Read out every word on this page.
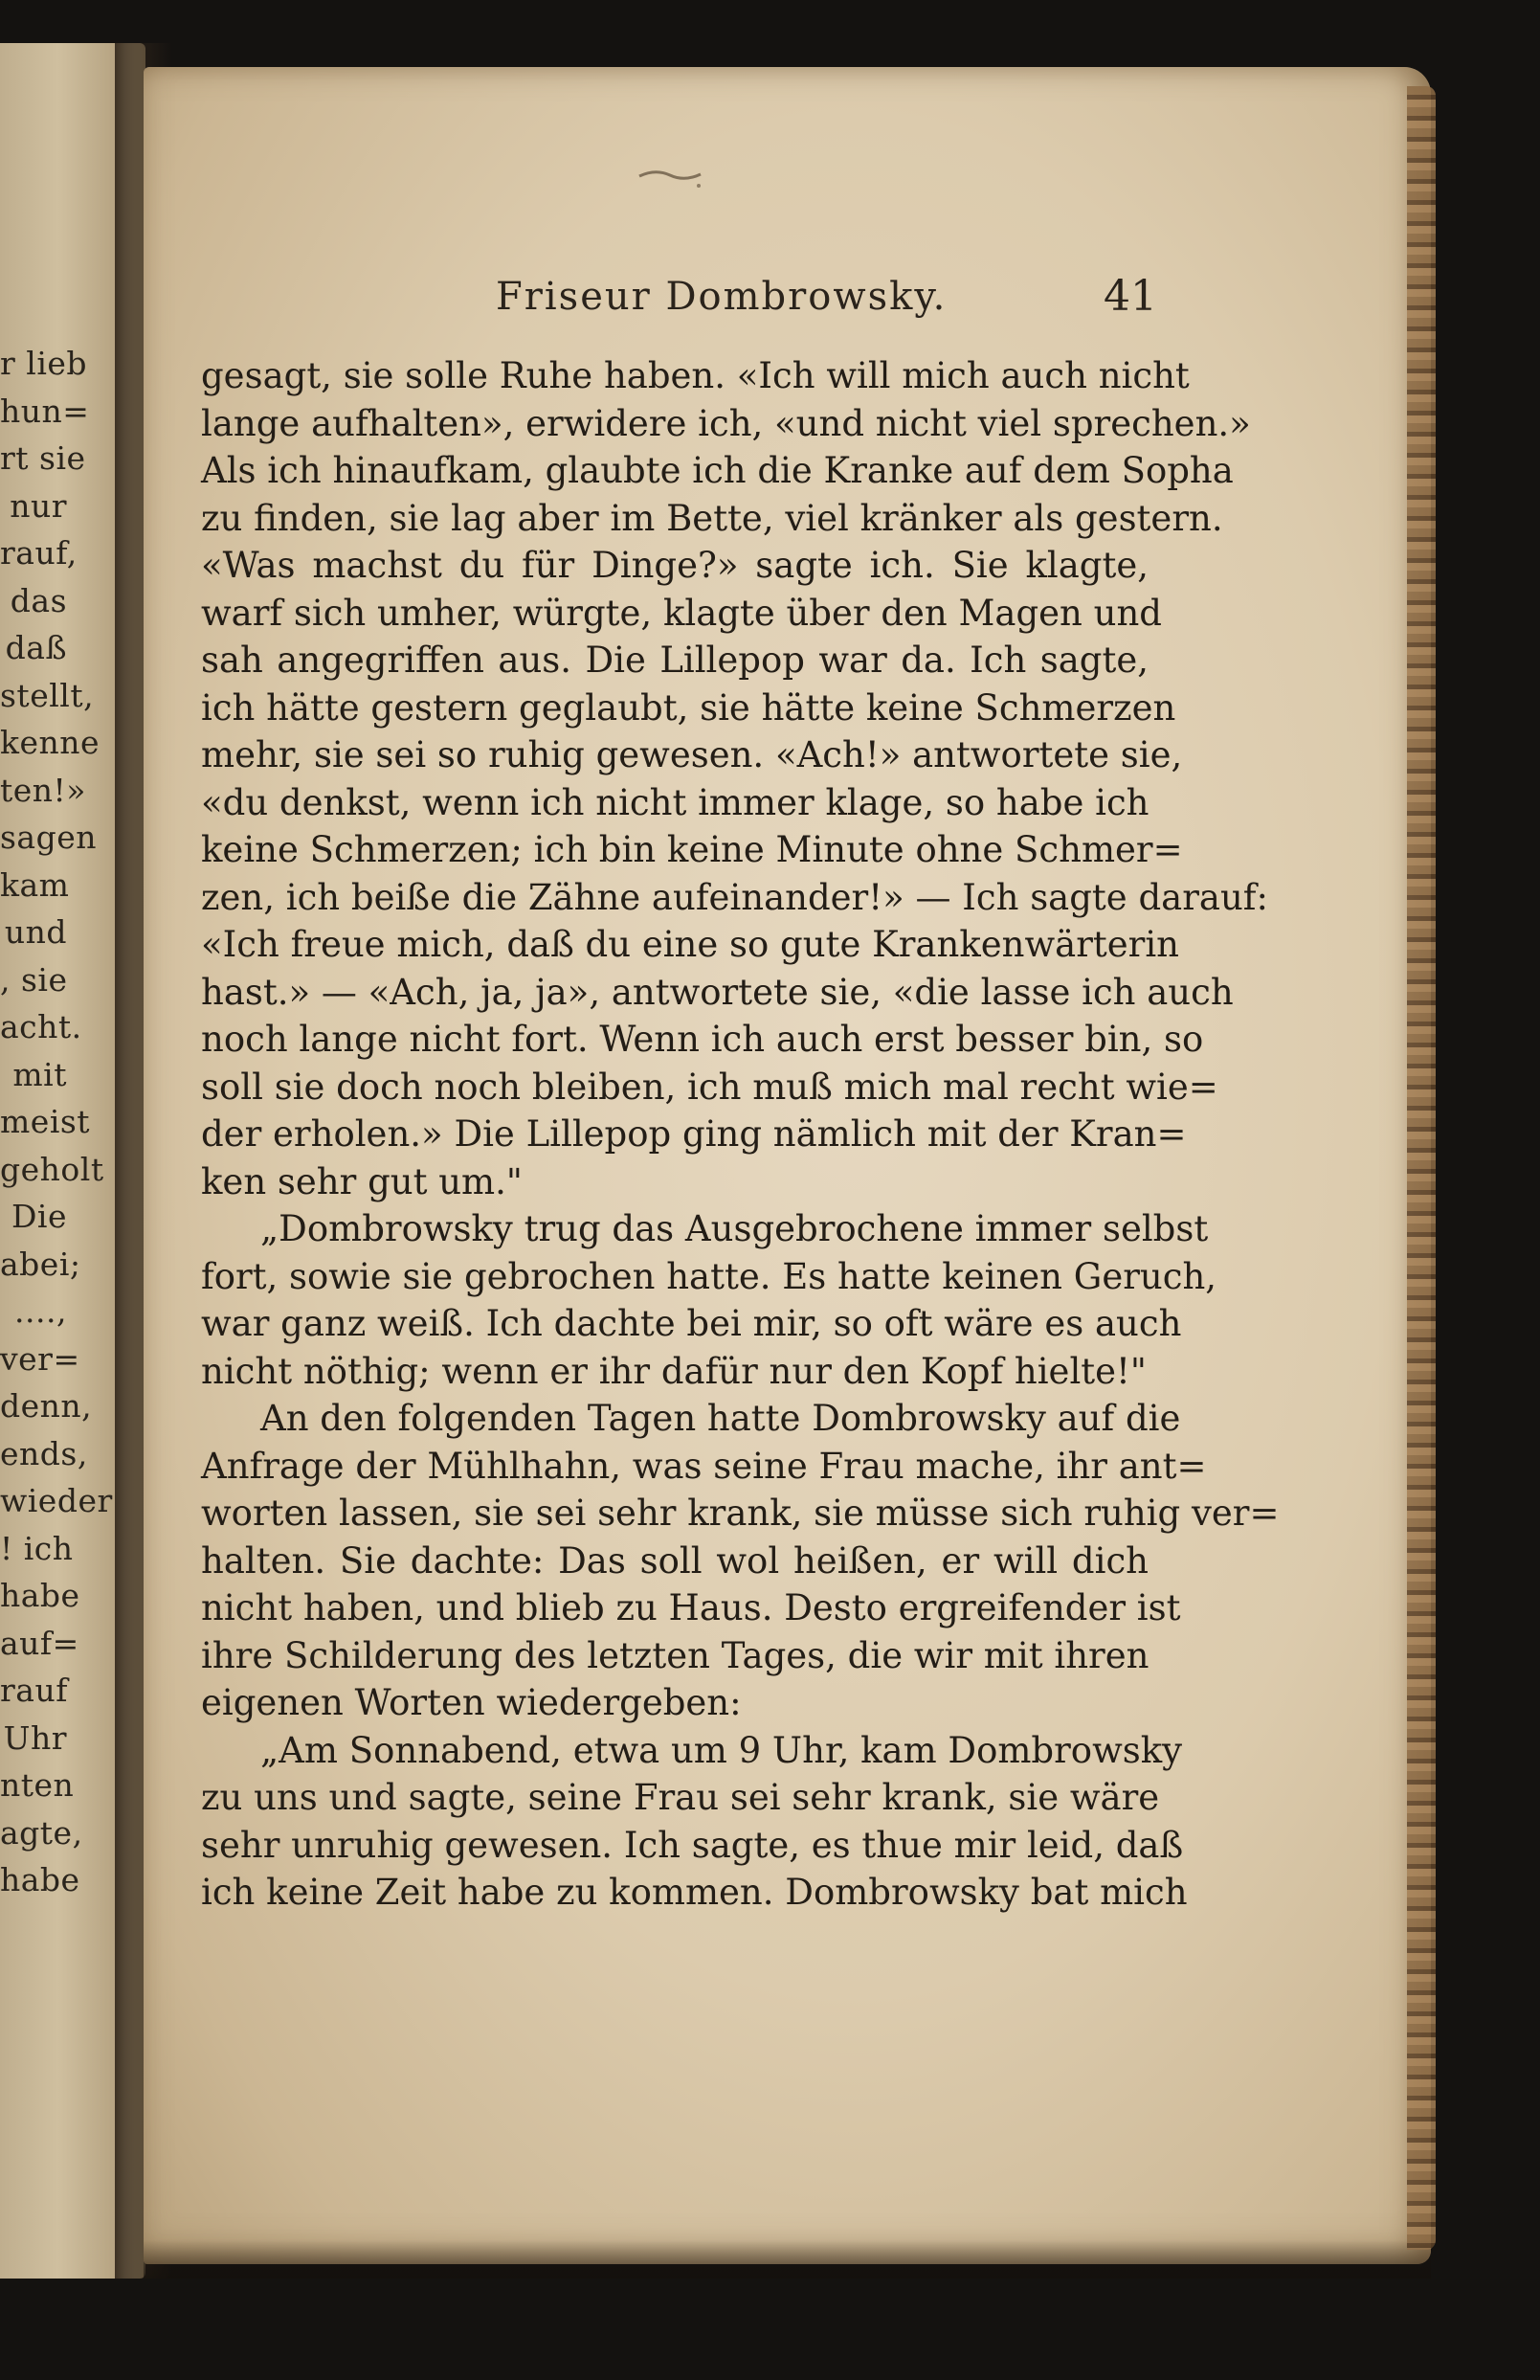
r lieb
hun=
rt sie
nur
rauf,
das
daß
stellt,
kenne
ten!»
sagen
kam
und
, sie
acht.
mit
meist
geholt
Die
abei;
....,
ver=
denn,
ends,
wieder
! ich
habe
auf=
rauf
Uhr
nten
agte,
habe
Friseur Dombrowsky.	41
gesagt, sie solle Ruhe haben. «Ich will mich auch nicht
lange aufhalten», erwidere ich, «und nicht viel sprechen.»
Als ich hinaufkam, glaubte ich die Kranke auf dem Sopha
zu finden, sie lag aber im Bette, viel kränker als gestern.
«Was machst du für Dinge?» sagte ich. Sie klagte,
warf sich umher, würgte, klagte über den Magen und
sah angegriffen aus. Die Lillepop war da. Ich sagte,
ich hätte gestern geglaubt, sie hätte keine Schmerzen
mehr, sie sei so ruhig gewesen. «Ach!» antwortete sie,
«du denkst, wenn ich nicht immer klage, so habe ich
keine Schmerzen; ich bin keine Minute ohne Schmer=
zen, ich beiße die Zähne aufeinander!» — Ich sagte darauf:
«Ich freue mich, daß du eine so gute Krankenwärterin
hast.» — «Ach, ja, ja», antwortete sie, «die lasse ich auch
noch lange nicht fort. Wenn ich auch erst besser bin, so
soll sie doch noch bleiben, ich muß mich mal recht wie=
der erholen.» Die Lillepop ging nämlich mit der Kran=
ken sehr gut um."
„Dombrowsky trug das Ausgebrochene immer selbst
fort, sowie sie gebrochen hatte. Es hatte keinen Geruch,
war ganz weiß. Ich dachte bei mir, so oft wäre es auch
nicht nöthig; wenn er ihr dafür nur den Kopf hielte!"
An den folgenden Tagen hatte Dombrowsky auf die
Anfrage der Mühlhahn, was seine Frau mache, ihr ant=
worten lassen, sie sei sehr krank, sie müsse sich ruhig ver=
halten. Sie dachte: Das soll wol heißen, er will dich
nicht haben, und blieb zu Haus. Desto ergreifender ist
ihre Schilderung des letzten Tages, die wir mit ihren
eigenen Worten wiedergeben:
„Am Sonnabend, etwa um 9 Uhr, kam Dombrowsky
zu uns und sagte, seine Frau sei sehr krank, sie wäre
sehr unruhig gewesen. Ich sagte, es thue mir leid, daß
ich keine Zeit habe zu kommen. Dombrowsky bat mich
